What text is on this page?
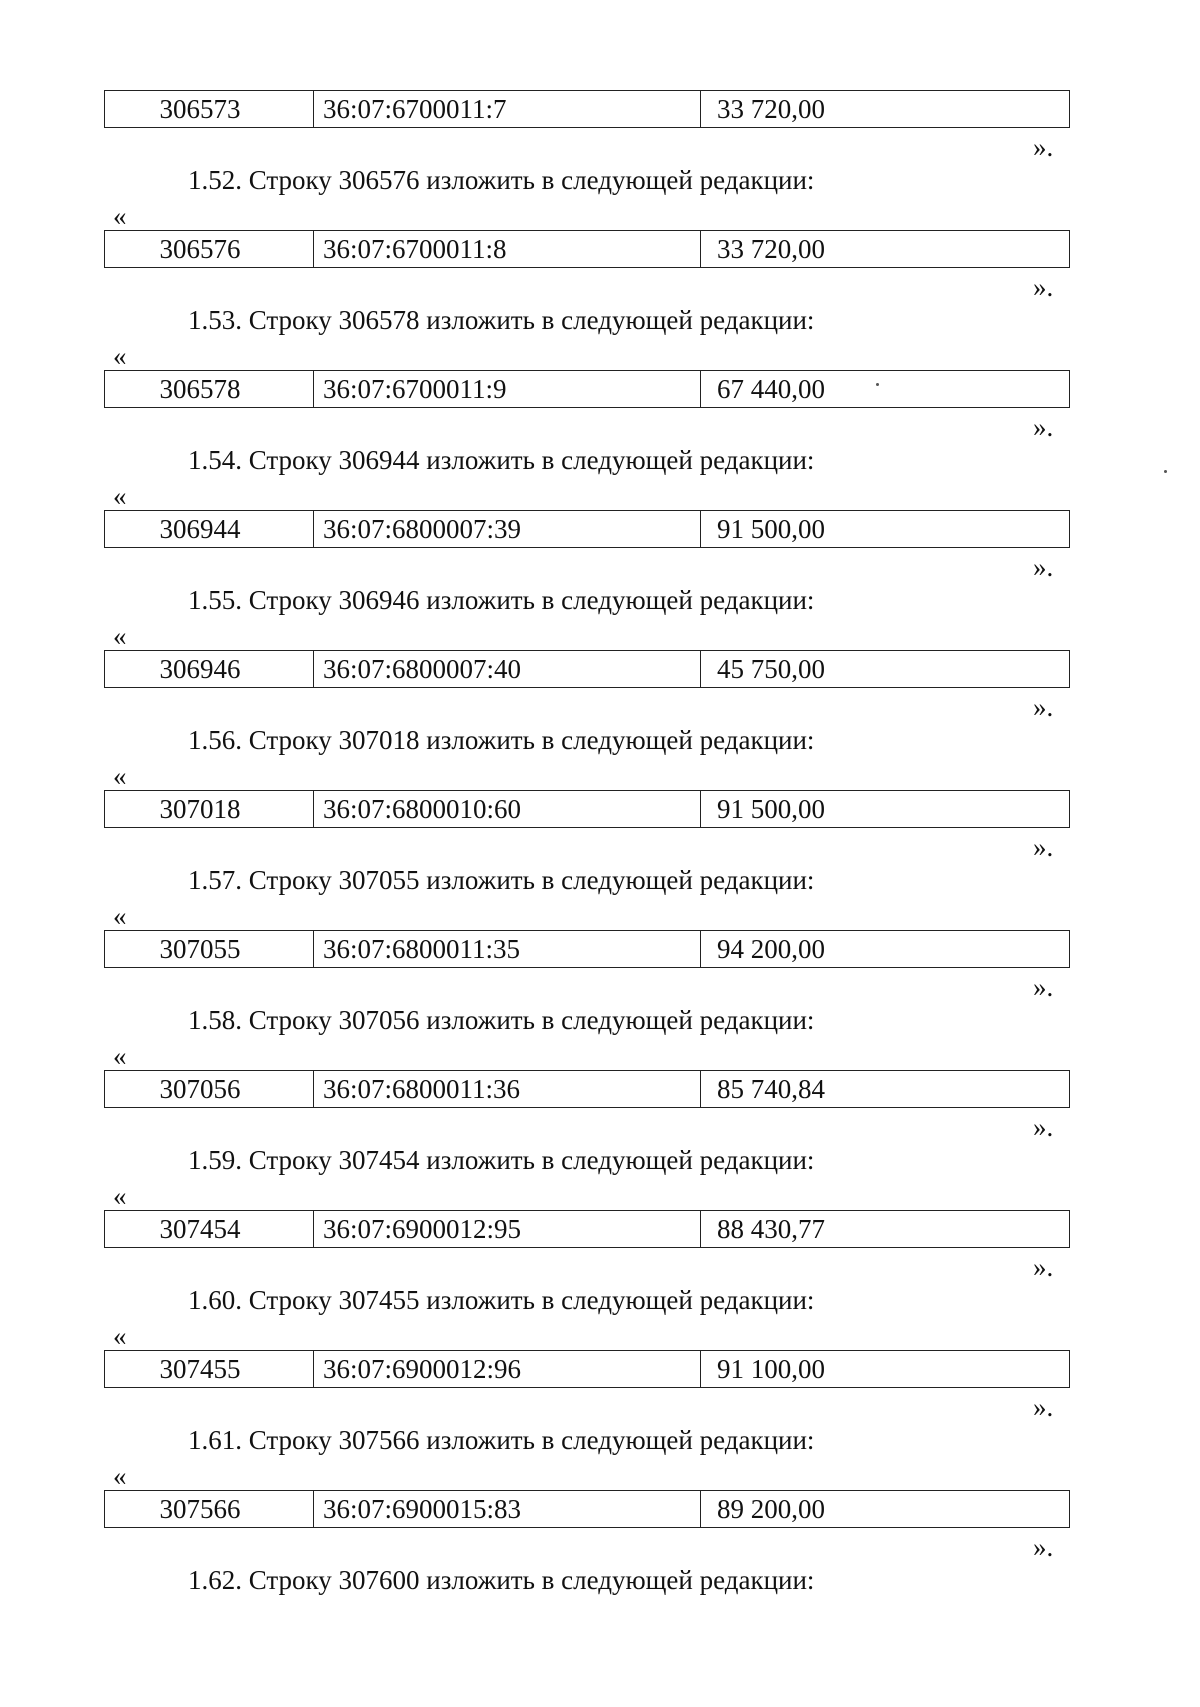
306573	36:07:6700011:7	33 720,00
».
1.52. Строку 306576 изложить в следующей редакции:
«
306576	36:07:6700011:8	33 720,00
».
1.53. Строку 306578 изложить в следующей редакции:
«
306578	36:07:6700011:9	67 440,00
».
1.54. Строку 306944 изложить в следующей редакции:
«
306944	36:07:6800007:39	91 500,00
».
1.55. Строку 306946 изложить в следующей редакции:
«
306946	36:07:6800007:40	45 750,00
».
1.56. Строку 307018 изложить в следующей редакции:
«
307018	36:07:6800010:60	91 500,00
».
1.57. Строку 307055 изложить в следующей редакции:
«
307055	36:07:6800011:35	94 200,00
».
1.58. Строку 307056 изложить в следующей редакции:
«
307056	36:07:6800011:36	85 740,84
».
1.59. Строку 307454 изложить в следующей редакции:
«
307454	36:07:6900012:95	88 430,77
».
1.60. Строку 307455 изложить в следующей редакции:
«
307455	36:07:6900012:96	91 100,00
».
1.61. Строку 307566 изложить в следующей редакции:
«
307566	36:07:6900015:83	89 200,00
».
1.62. Строку 307600 изложить в следующей редакции:
